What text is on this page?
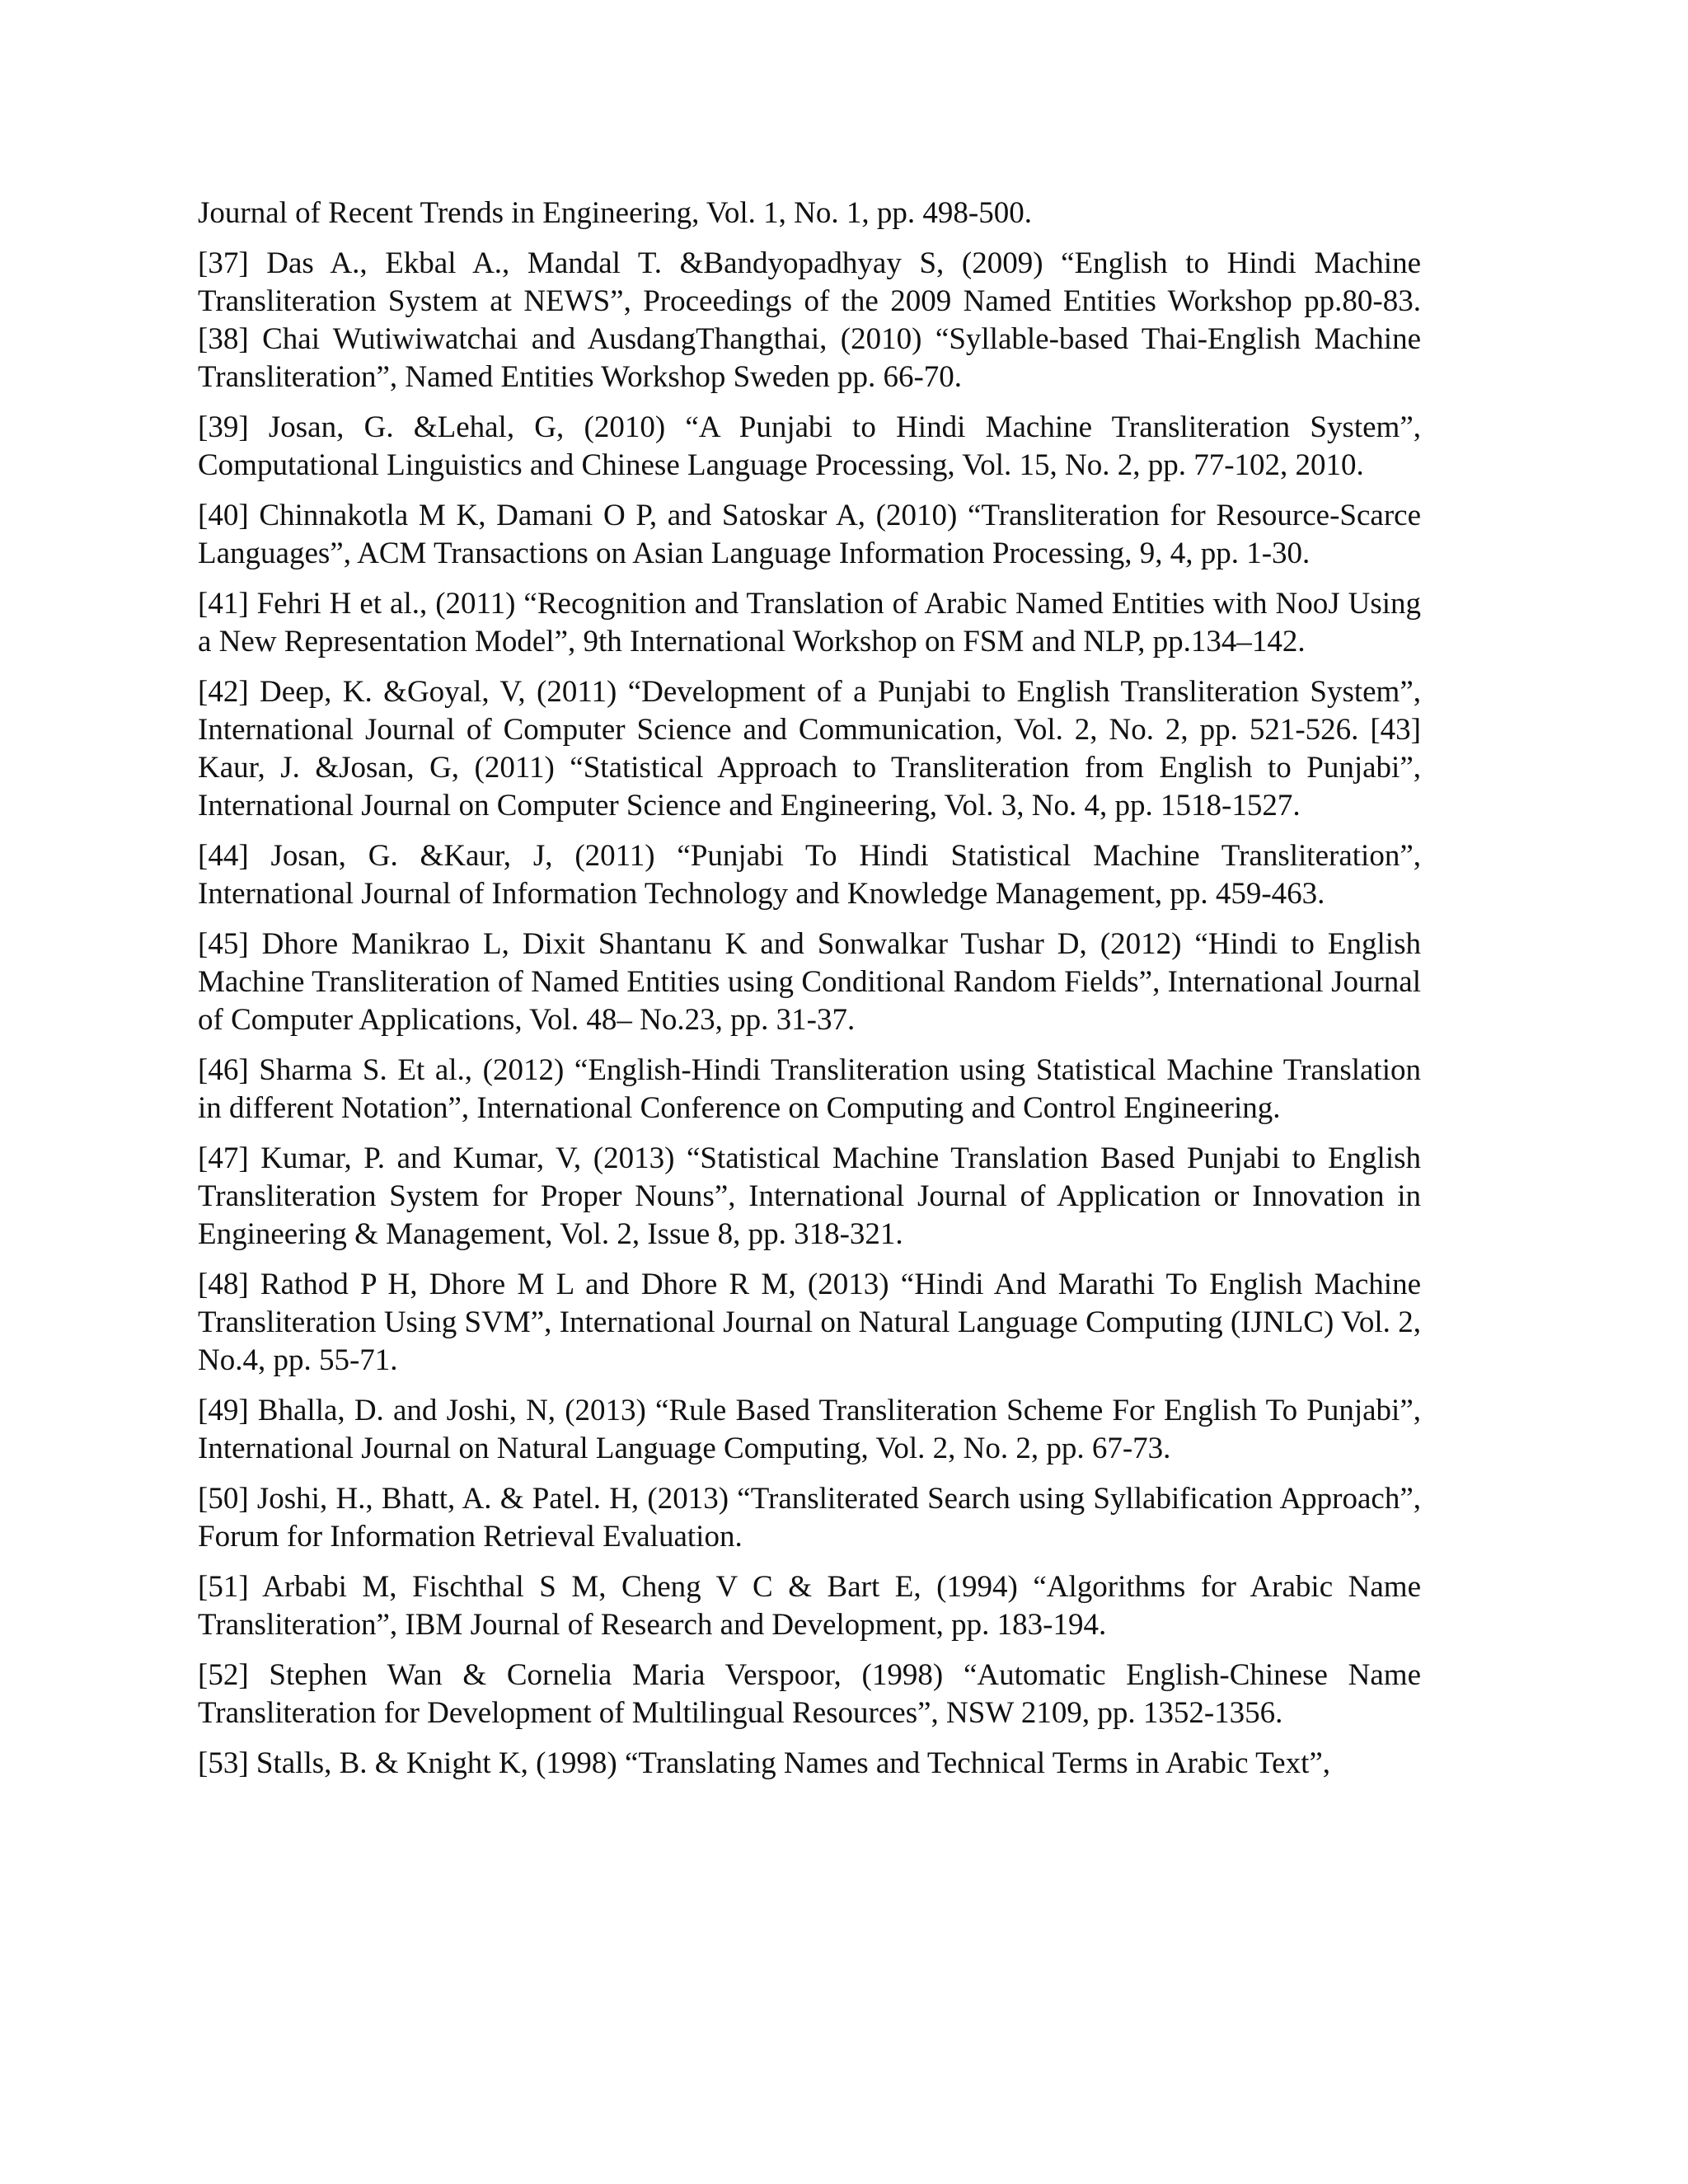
Journal of Recent Trends in Engineering, Vol. 1, No. 1, pp. 498-500.

[37] Das A., Ekbal A., Mandal T. &Bandyopadhyay S, (2009) “English to Hindi Machine Transliteration System at NEWS”, Proceedings of the 2009 Named Entities Workshop pp.80-83. [38] Chai Wutiwiwatchai and AusdangThangthai, (2010) “Syllable-based Thai-English Machine Transliteration”, Named Entities Workshop Sweden pp. 66-70.

[39] Josan, G. &Lehal, G, (2010) “A Punjabi to Hindi Machine Transliteration System”, Computational Linguistics and Chinese Language Processing, Vol. 15, No. 2, pp. 77-102, 2010.

[40] Chinnakotla M K, Damani O P, and Satoskar A, (2010) “Transliteration for Resource-Scarce Languages”, ACM Transactions on Asian Language Information Processing, 9, 4, pp. 1-30.

[41] Fehri H et al., (2011) “Recognition and Translation of Arabic Named Entities with NooJ Using a New Representation Model”, 9th International Workshop on FSM and NLP, pp.134–142.

[42] Deep, K. &Goyal, V, (2011) “Development of a Punjabi to English Transliteration System”, International Journal of Computer Science and Communication, Vol. 2, No. 2, pp. 521-526. [43] Kaur, J. &Josan, G, (2011) “Statistical Approach to Transliteration from English to Punjabi”, International Journal on Computer Science and Engineering, Vol. 3, No. 4, pp. 1518-1527.

[44] Josan, G. &Kaur, J, (2011) “Punjabi To Hindi Statistical Machine Transliteration”, International Journal of Information Technology and Knowledge Management, pp. 459-463.

[45] Dhore Manikrao L, Dixit Shantanu K and Sonwalkar Tushar D, (2012) “Hindi to English Machine Transliteration of Named Entities using Conditional Random Fields”, International Journal of Computer Applications, Vol. 48– No.23, pp. 31-37.

[46] Sharma S. Et al., (2012) “English-Hindi Transliteration using Statistical Machine Translation in different Notation”, International Conference on Computing and Control Engineering.

[47] Kumar, P. and Kumar, V, (2013) “Statistical Machine Translation Based Punjabi to English Transliteration System for Proper Nouns”, International Journal of Application or Innovation in Engineering & Management, Vol. 2, Issue 8, pp. 318-321.

[48] Rathod P H, Dhore M L and Dhore R M, (2013) “Hindi And Marathi To English Machine Transliteration Using SVM”, International Journal on Natural Language Computing (IJNLC) Vol. 2, No.4, pp. 55-71.

[49] Bhalla, D. and Joshi, N, (2013) “Rule Based Transliteration Scheme For English To Punjabi”, International Journal on Natural Language Computing, Vol. 2, No. 2, pp. 67-73.

[50] Joshi, H., Bhatt, A. & Patel. H, (2013) “Transliterated Search using Syllabification Approach”, Forum for Information Retrieval Evaluation.

[51] Arbabi M, Fischthal S M, Cheng V C & Bart E, (1994) “Algorithms for Arabic Name Transliteration”, IBM Journal of Research and Development, pp. 183-194.

[52] Stephen Wan & Cornelia Maria Verspoor, (1998) “Automatic English-Chinese Name Transliteration for Development of Multilingual Resources”, NSW 2109, pp. 1352-1356.

[53] Stalls, B. & Knight K, (1998) “Translating Names and Technical Terms in Arabic Text”,
